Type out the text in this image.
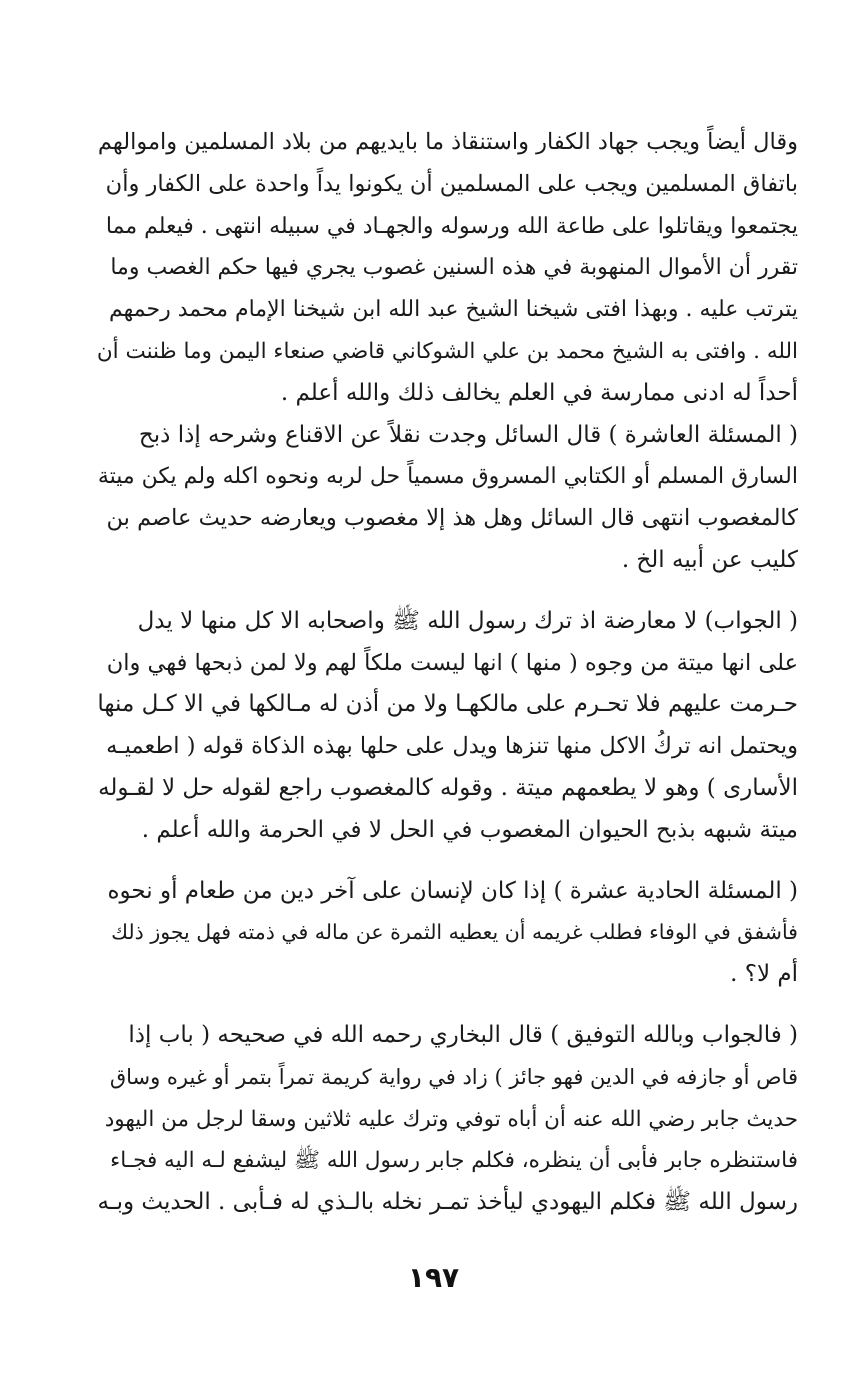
وقال أيضاً ويجب جهاد الكفار واستنقاذ ما بايديهم من بلاد المسلمين واموالهم
باتفاق المسلمين ويجب على المسلمين أن يكونوا يداً واحدة على الكفار وأن
يجتمعوا ويقاتلوا على طاعة الله ورسوله والجهـاد في سبيله انتهى . فيعلم مما
تقرر أن الأموال المنهوبة في هذه السنين غصوب يجري فيها حكم الغصب وما
يترتب عليه . وبهذا افتى شيخنا الشيخ عبد الله ابن شيخنا الإمام محمد رحمهم
الله . وافتى به الشيخ محمد بن علي الشوكاني قاضي صنعاء اليمن وما ظننت أن
أحداً له ادنى ممارسة في العلم يخالف ذلك والله أعلم .

( المسئلة العاشرة ) قال السائل وجدت نقلاً عن الاقناع وشرحه إذا ذبح
السارق المسلم أو الكتابي المسروق مسمياً حل لربه ونحوه اكله ولم يكن ميتة
كالمغصوب انتهى قال السائل وهل هذ إلا مغصوب ويعارضه حديث عاصم بن
كليب عن أبيه الخ .

( الجواب) لا معارضة اذ ترك رسول الله ﷺ واصحابه الا كل منها لا يدل
على انها ميتة من وجوه ( منها ) انها ليست ملكاً لهم ولا لمن ذبحها فهي وان
حـرمت عليهم فلا تحـرم على مالكهـا ولا من أذن له مـالكها في الا كـل منها
ويحتمل انه تركُ الاكل منها تنزها ويدل على حلها بهذه الذكاة قوله ( اطعميـه
الأسارى ) وهو لا يطعمهم ميتة . وقوله كالمغصوب راجع لقوله حل لا لقـوله
ميتة شبهه بذبح الحيوان المغصوب في الحل لا في الحرمة والله أعلم .

( المسئلة الحادية عشرة ) إذا كان لإنسان على آخر دين من طعام أو نحوه
فأشفق في الوفاء فطلب غريمه أن يعطيه الثمرة عن ماله في ذمته فهل يجوز ذلك
أم لا؟ .

( فالجواب وبالله التوفيق ) قال البخاري رحمه الله في صحيحه ( باب إذا
قاص أو جازفه في الدين فهو جائز ) زاد في رواية كريمة تمراً بتمر أو غيره وساق
حديث جابر رضي الله عنه أن أباه توفي وترك عليه ثلاثين وسقا لرجل من اليهود
فاستنظره جابر فأبى أن ينظره، فكلم جابر رسول الله ﷺ ليشفع لـه اليه فجـاء
رسول الله ﷺ فكلم اليهودي ليأخذ تمـر نخله بالـذي له فـأبى . الحديث وبـه

١٩٧
